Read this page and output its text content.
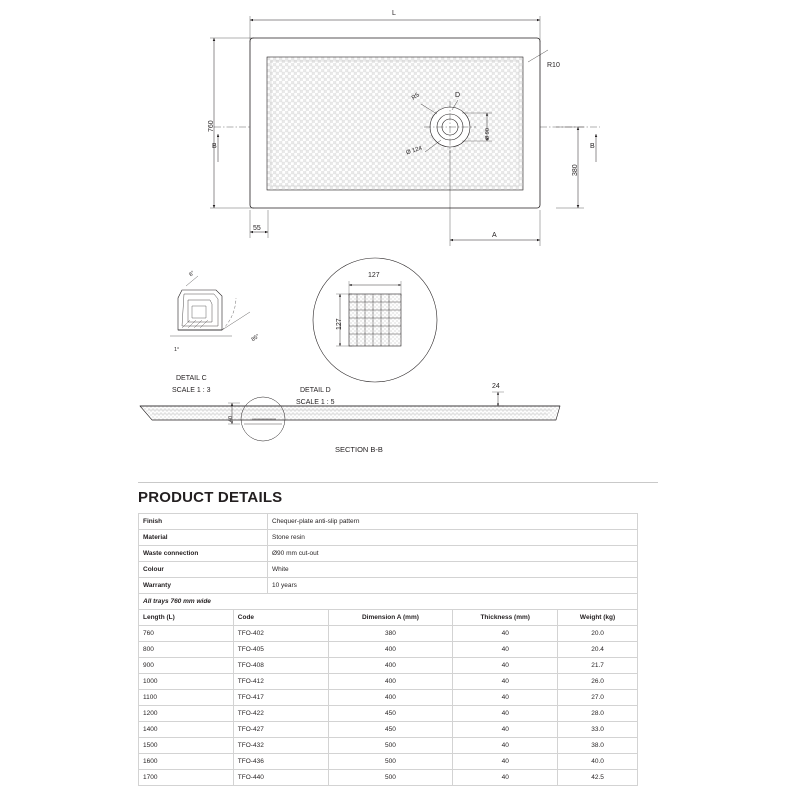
L
760
R10
R5	D
Ø 124
Ø 90
380
B	B
55
A
8°
1°
85°
DETAIL C
SCALE 1 : 3
127
127
DETAIL D
SCALE 1 : 5
40
24
SECTION B-B
PRODUCT DETAILS
Finish	Chequer-plate anti-slip pattern
Material	Stone resin
Waste connection	Ø90 mm cut-out
Colour	White
Warranty	10 years
All trays 760 mm wide	
Length (L)	Code	Dimension A (mm)	Thickness (mm)	Weight (kg)
760	TFO-402	380	40	20.0
800	TFO-405	400	40	20.4
900	TFO-408	400	40	21.7
1000	TFO-412	400	40	26.0
1100	TFO-417	400	40	27.0
1200	TFO-422	450	40	28.0
1400	TFO-427	450	40	33.0
1500	TFO-432	500	40	38.0
1600	TFO-436	500	40	40.0
1700	TFO-440	500	40	42.5
